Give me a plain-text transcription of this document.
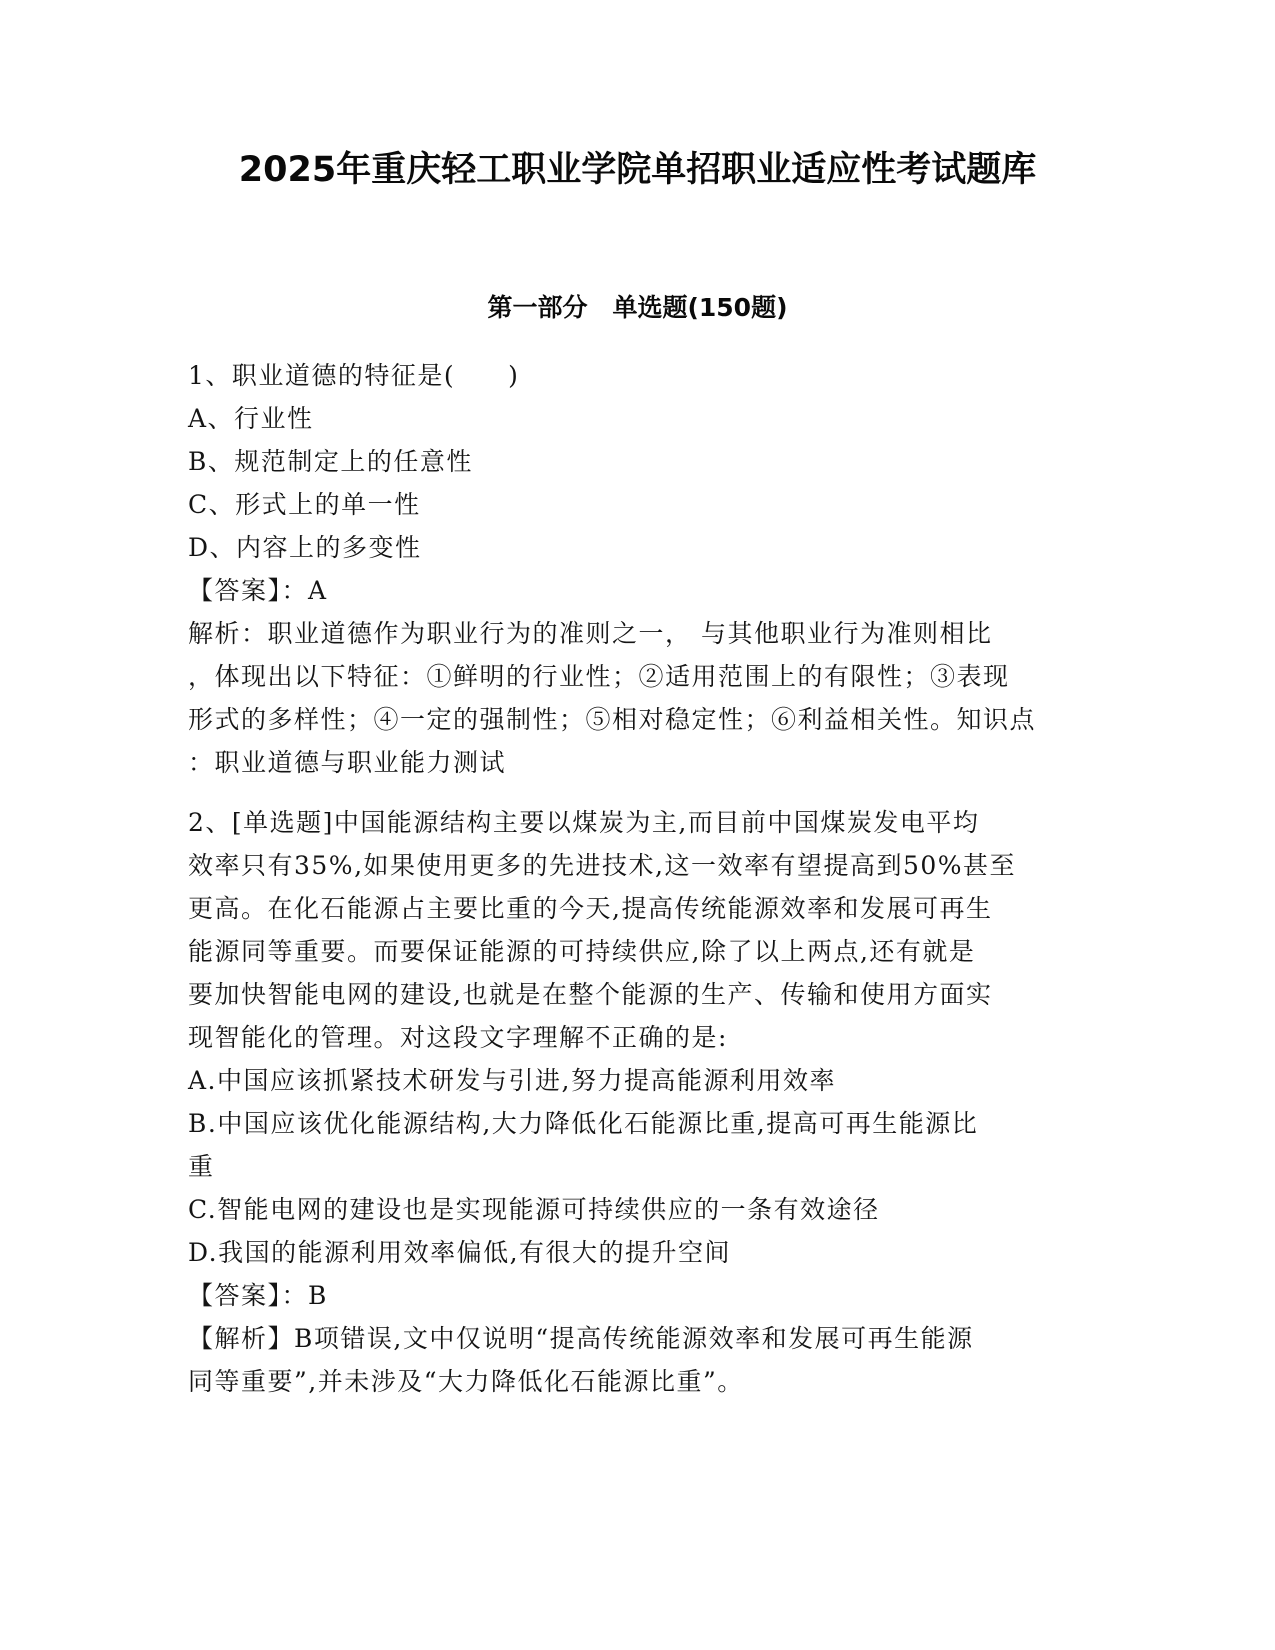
2025年重庆轻工职业学院单招职业适应性考试题库
第一部分　单选题(150题)
1、职业道德的特征是(　　)
A、行业性
B、规范制定上的任意性
C、形式上的单一性
D、内容上的多变性
【答案】：A
解析：职业道德作为职业行为的准则之一， 与其他职业行为准则相比
，体现出以下特征：①鲜明的行业性；②适用范围上的有限性；③表现
形式的多样性；④一定的强制性；⑤相对稳定性；⑥利益相关性。知识点
：职业道德与职业能力测试
2、[单选题]中国能源结构主要以煤炭为主,而目前中国煤炭发电平均
效率只有35%,如果使用更多的先进技术,这一效率有望提高到50%甚至
更高。在化石能源占主要比重的今天,提高传统能源效率和发展可再生
能源同等重要。而要保证能源的可持续供应,除了以上两点,还有就是
要加快智能电网的建设,也就是在整个能源的生产、传输和使用方面实
现智能化的管理。对这段文字理解不正确的是:
A.中国应该抓紧技术研发与引进,努力提高能源利用效率
B.中国应该优化能源结构,大力降低化石能源比重,提高可再生能源比
重
C.智能电网的建设也是实现能源可持续供应的一条有效途径
D.我国的能源利用效率偏低,有很大的提升空间
【答案】：B
【解析】B项错误,文中仅说明“提高传统能源效率和发展可再生能源
同等重要”,并未涉及“大力降低化石能源比重”。
